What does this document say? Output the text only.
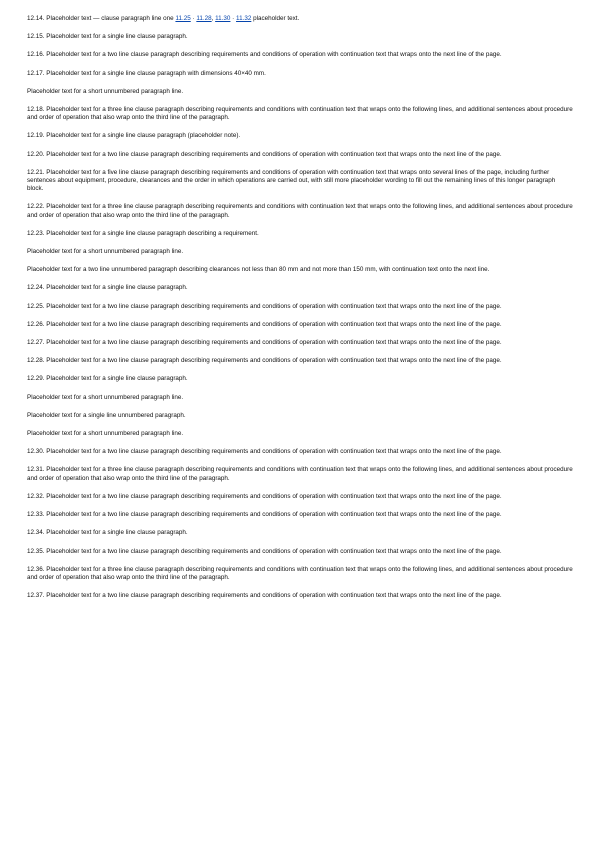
12.14. Placeholder text — clause paragraph line one 11.25 · 11.28, 11.30 · 11.32 placeholder text.

12.15. Placeholder text for a single line clause paragraph.

12.16. Placeholder text for a two line clause paragraph describing requirements and conditions of operation with continuation text that wraps onto the next line of the page.

12.17. Placeholder text for a single line clause paragraph with dimensions 40×40 mm.

Placeholder text for a short unnumbered paragraph line.

12.18. Placeholder text for a three line clause paragraph describing requirements and conditions with continuation text that wraps onto the following lines, and additional sentences about procedure and order of operation that also wrap onto the third line of the paragraph.

12.19. Placeholder text for a single line clause paragraph (placeholder note).

12.20. Placeholder text for a two line clause paragraph describing requirements and conditions of operation with continuation text that wraps onto the next line of the page.

12.21. Placeholder text for a five line clause paragraph describing requirements and conditions of operation with continuation text that wraps onto several lines of the page, including further sentences about equipment, procedure, clearances and the order in which operations are carried out, with still more placeholder wording to fill out the remaining lines of this longer paragraph block.

12.22. Placeholder text for a three line clause paragraph describing requirements and conditions with continuation text that wraps onto the following lines, and additional sentences about procedure and order of operation that also wrap onto the third line of the paragraph.

12.23. Placeholder text for a single line clause paragraph describing a requirement.

Placeholder text for a short unnumbered paragraph line.

Placeholder text for a two line unnumbered paragraph describing clearances not less than 80 mm and not more than 150 mm, with continuation text onto the next line.

12.24. Placeholder text for a single line clause paragraph.

12.25. Placeholder text for a two line clause paragraph describing requirements and conditions of operation with continuation text that wraps onto the next line of the page.

12.26. Placeholder text for a two line clause paragraph describing requirements and conditions of operation with continuation text that wraps onto the next line of the page.

12.27. Placeholder text for a two line clause paragraph describing requirements and conditions of operation with continuation text that wraps onto the next line of the page.

12.28. Placeholder text for a two line clause paragraph describing requirements and conditions of operation with continuation text that wraps onto the next line of the page.

12.29. Placeholder text for a single line clause paragraph.

Placeholder text for a short unnumbered paragraph line.

Placeholder text for a single line unnumbered paragraph.

Placeholder text for a short unnumbered paragraph line.

12.30. Placeholder text for a two line clause paragraph describing requirements and conditions of operation with continuation text that wraps onto the next line of the page.

12.31. Placeholder text for a three line clause paragraph describing requirements and conditions with continuation text that wraps onto the following lines, and additional sentences about procedure and order of operation that also wrap onto the third line of the paragraph.

12.32. Placeholder text for a two line clause paragraph describing requirements and conditions of operation with continuation text that wraps onto the next line of the page.

12.33. Placeholder text for a two line clause paragraph describing requirements and conditions of operation with continuation text that wraps onto the next line of the page.

12.34. Placeholder text for a single line clause paragraph.

12.35. Placeholder text for a two line clause paragraph describing requirements and conditions of operation with continuation text that wraps onto the next line of the page.

12.36. Placeholder text for a three line clause paragraph describing requirements and conditions with continuation text that wraps onto the following lines, and additional sentences about procedure and order of operation that also wrap onto the third line of the paragraph.

12.37. Placeholder text for a two line clause paragraph describing requirements and conditions of operation with continuation text that wraps onto the next line of the page.
